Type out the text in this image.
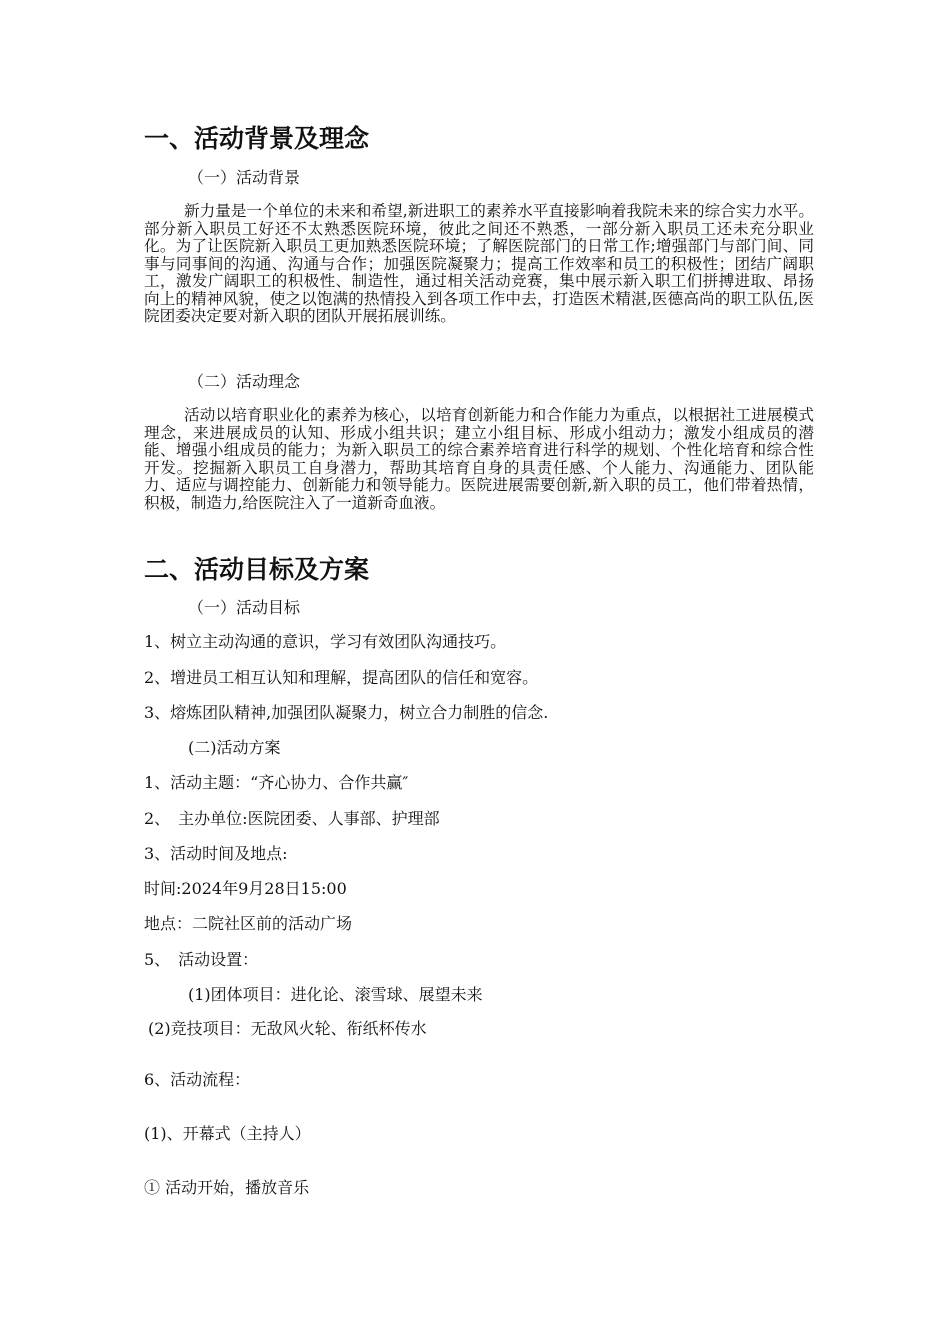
一、活动背景及理念
（一）活动背景

新力量是一个单位的未来和希望,新进职工的素养水平直接影响着我院未来的综合实力水平。部分新入职员工好还不太熟悉医院环境，彼此之间还不熟悉，一部分新入职员工还未充分职业化。为了让医院新入职员工更加熟悉医院环境；了解医院部门的日常工作;增强部门与部门间、同事与同事间的沟通、沟通与合作；加强医院凝聚力；提高工作效率和员工的积极性；团结广阔职工，激发广阔职工的积极性、制造性，通过相关活动竞赛，集中展示新入职工们拼搏进取、昂扬向上的精神风貌，使之以饱满的热情投入到各项工作中去，打造医术精湛,医德高尚的职工队伍,医院团委决定要对新入职的团队开展拓展训练。

（二）活动理念

活动以培育职业化的素养为核心，以培育创新能力和合作能力为重点，以根据社工进展模式理念，来进展成员的认知、形成小组共识；建立小组目标、形成小组动力；激发小组成员的潜能、增强小组成员的能力；为新入职员工的综合素养培育进行科学的规划、个性化培育和综合性开发。挖掘新入职员工自身潜力，帮助其培育自身的具责任感、个人能力、沟通能力、团队能力、适应与调控能力、创新能力和领导能力。医院进展需要创新,新入职的员工，他们带着热情，积极，制造力,给医院注入了一道新奇血液。

二、活动目标及方案
（一）活动目标
1、树立主动沟通的意识，学习有效团队沟通技巧。
2、增进员工相互认知和理解，提高团队的信任和宽容。
3、熔炼团队精神,加强团队凝聚力，树立合力制胜的信念.
(二)活动方案
1、活动主题：“齐心协力、合作共赢″
2、　主办单位:医院团委、人事部、护理部
3、活动时间及地点:
时间:2024年9月28日15:00
地点：二院社区前的活动广场
5、　活动设置：
(1)团体项目：进化论、滚雪球、展望未来
(2)竞技项目：无敌风火轮、衔纸杯传水
6、活动流程：
(1)、开幕式（主持人）
① 活动开始，播放音乐
